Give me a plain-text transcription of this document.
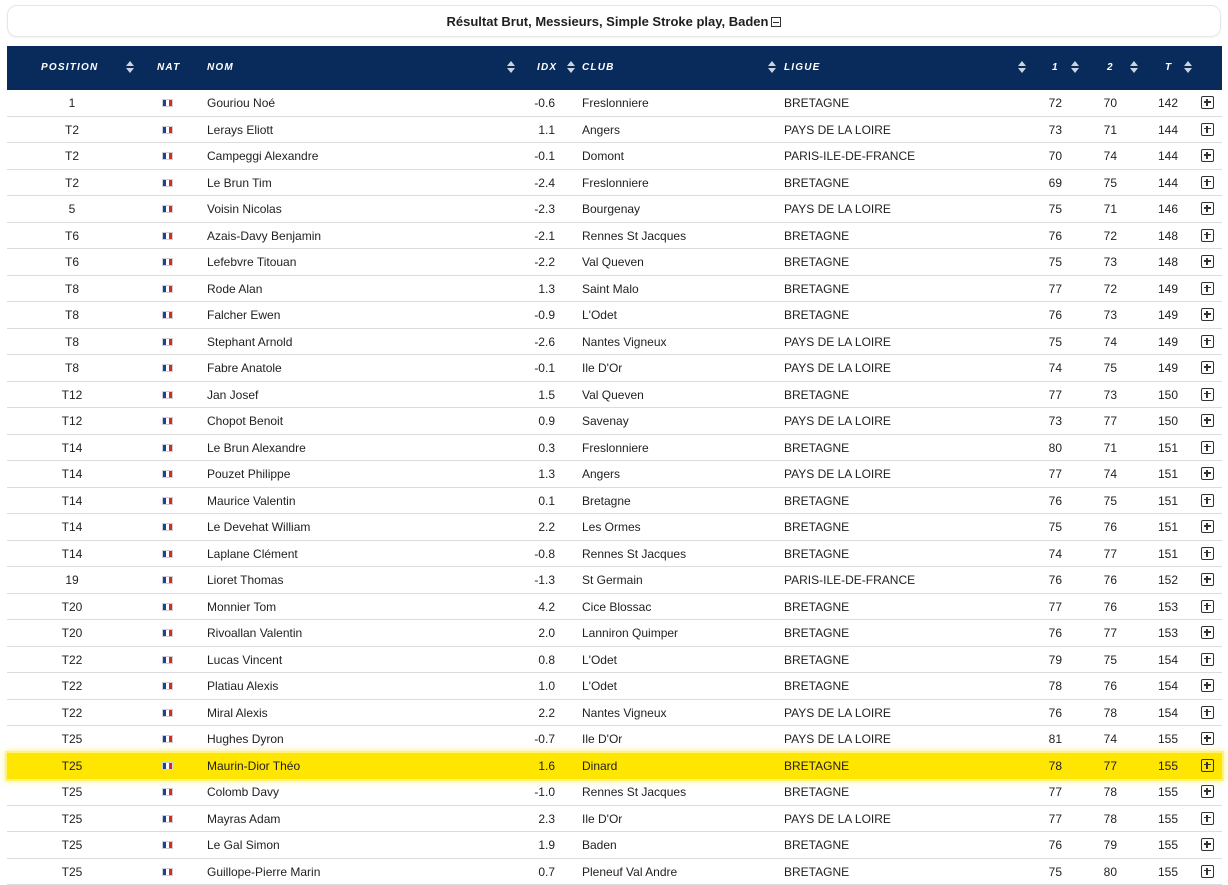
Résultat Brut, Messieurs, Simple Stroke play, Baden
POSITION	NAT	NOM	IDX CLUB	LIGUE	1	2	T
1	Gouriou Noé	-0.6 Freslonniere	BRETAGNE	72	70	142
T2	Lerays Eliott	1.1 Angers	PAYS DE LA LOIRE	73	71	144
T2	Campeggi Alexandre	-0.1 Domont	PARIS-ILE-DE-FRANCE	70	74	144
T2	Le Brun Tim	-2.4 Freslonniere	BRETAGNE	69	75	144
5	Voisin Nicolas	-2.3 Bourgenay	PAYS DE LA LOIRE	75	71	146
T6	Azais-Davy Benjamin	-2.1 Rennes St Jacques	BRETAGNE	76	72	148
T6	Lefebvre Titouan	-2.2 Val Queven	BRETAGNE	75	73	148
T8	Rode Alan	1.3 Saint Malo	BRETAGNE	77	72	149
T8	Falcher Ewen	-0.9 L'Odet	BRETAGNE	76	73	149
T8	Stephant Arnold	-2.6 Nantes Vigneux	PAYS DE LA LOIRE	75	74	149
T8	Fabre Anatole	-0.1 Ile D'Or	PAYS DE LA LOIRE	74	75	149
T12	Jan Josef	1.5 Val Queven	BRETAGNE	77	73	150
T12	Chopot Benoit	0.9 Savenay	PAYS DE LA LOIRE	73	77	150
T14	Le Brun Alexandre	0.3 Freslonniere	BRETAGNE	80	71	151
T14	Pouzet Philippe	1.3 Angers	PAYS DE LA LOIRE	77	74	151
T14	Maurice Valentin	0.1 Bretagne	BRETAGNE	76	75	151
T14	Le Devehat William	2.2 Les Ormes	BRETAGNE	75	76	151
T14	Laplane Clément	-0.8 Rennes St Jacques	BRETAGNE	74	77	151
19	Lioret Thomas	-1.3 St Germain	PARIS-ILE-DE-FRANCE	76	76	152
T20	Monnier Tom	4.2 Cice Blossac	BRETAGNE	77	76	153
T20	Rivoallan Valentin	2.0 Lanniron Quimper	BRETAGNE	76	77	153
T22	Lucas Vincent	0.8 L'Odet	BRETAGNE	79	75	154
T22	Platiau Alexis	1.0 L'Odet	BRETAGNE	78	76	154
T22	Miral Alexis	2.2 Nantes Vigneux	PAYS DE LA LOIRE	76	78	154
T25	Hughes Dyron	-0.7 Ile D'Or	PAYS DE LA LOIRE	81	74	155
T25	Maurin-Dior Théo	1.6 Dinard	BRETAGNE	78	77	155
T25	Colomb Davy	-1.0 Rennes St Jacques	BRETAGNE	77	78	155
T25	Mayras Adam	2.3 Ile D'Or	PAYS DE LA LOIRE	77	78	155
T25	Le Gal Simon	1.9 Baden	BRETAGNE	76	79	155
T25	Guillope-Pierre Marin	0.7 Pleneuf Val Andre	BRETAGNE	75	80	155
